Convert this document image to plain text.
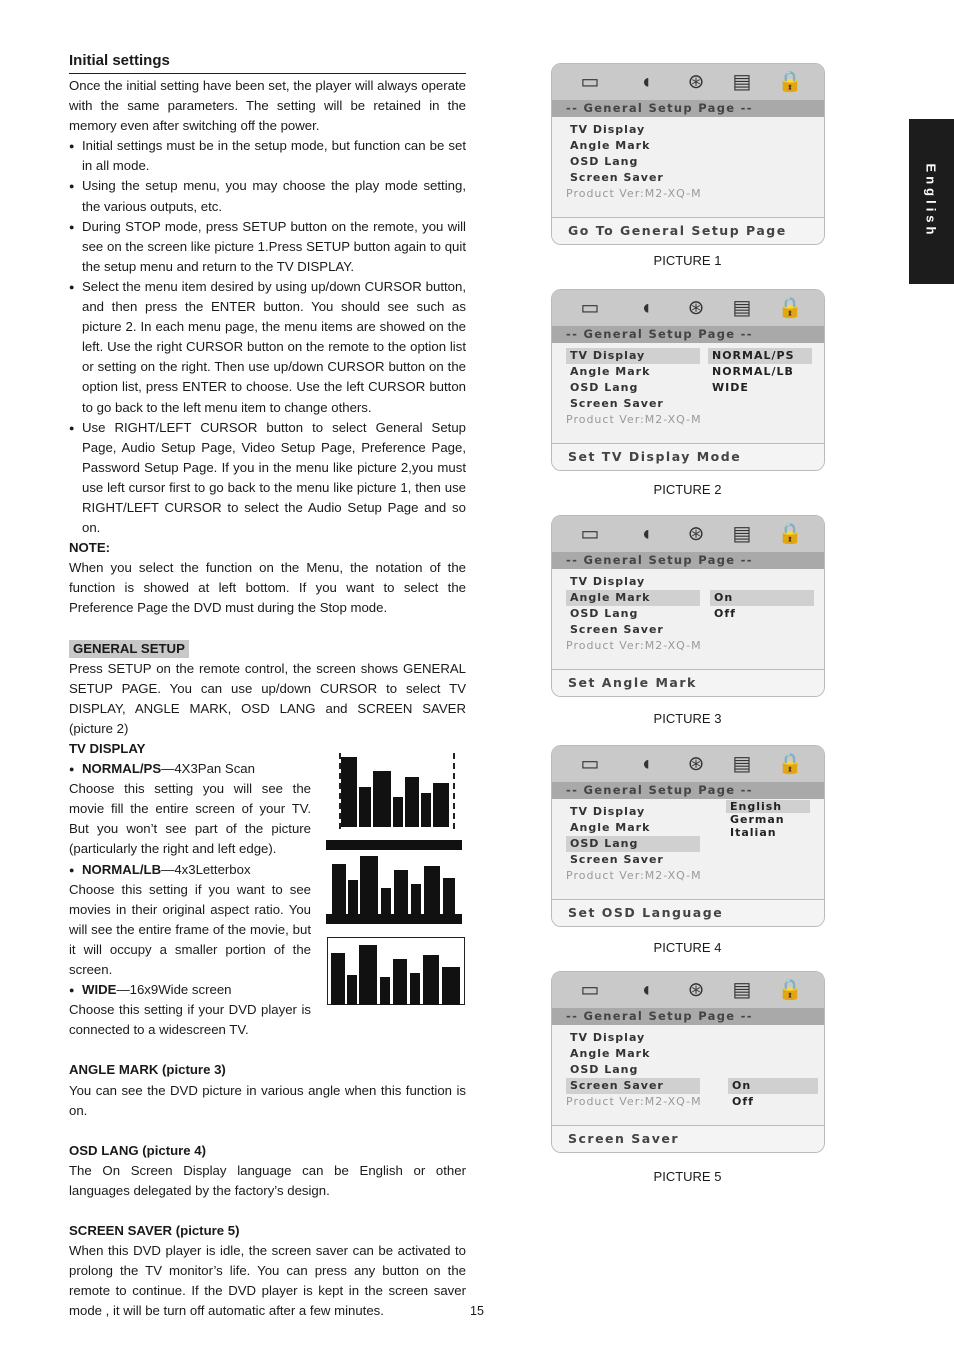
Initial settings

Once the initial setting have been set, the player will always operate with the same parameters. The setting will be retained in the memory even after switching off the power.

● Initial settings must be in the setup mode, but function can be set in all mode.
● Using the setup menu, you may choose the play mode setting, the various outputs, etc.
● During STOP mode, press SETUP button on the remote, you will see on the screen like picture 1.Press SETUP button again to quit the setup menu and return to the TV DISPLAY.
● Select the menu item desired by using up/down CURSOR button, and then press the ENTER button. You should see such as picture 2. In each menu page, the menu items are showed on the left. Use the right CURSOR button on the remote to the option list or setting on the right. Then use up/down CURSOR button on the option list, press ENTER to choose. Use the left CURSOR button to go back to the left menu item to change others.
● Use RIGHT/LEFT CURSOR button to select General Setup Page, Audio Setup Page, Video Setup Page, Preference Page, Password Setup Page. If you in the menu like picture 2,you must use left cursor first to go back to the menu like picture 1, then use RIGHT/LEFT CURSOR to select the Audio Setup Page and so on.

NOTE:

When you select the function on the Menu, the notation of the function is showed at left bottom. If you want to select the Preference Page the DVD must during the Stop mode.

GENERAL SETUP

Press SETUP on the remote control, the screen shows GENERAL SETUP PAGE. You can use up/down CURSOR to select TV DISPLAY, ANGLE MARK, OSD LANG and SCREEN SAVER (picture 2)

TV DISPLAY

● NORMAL/PS—4X3Pan Scan

Choose this setting you will see the movie fill the entire screen of your TV. But you won’t see part of the picture (particularly the right and left edge).

● NORMAL/LB—4x3Letterbox

Choose this setting if you want to see movies in their original aspect ratio. You will see the entire frame of the movie, but it will occupy a smaller portion of the screen.

● WIDE—16x9Wide screen

Choose this setting if your DVD player is connected to a widescreen TV.

ANGLE MARK (picture 3)

You can see the DVD picture in various angle when this function is on.

OSD LANG (picture 4)

The On Screen Display language can be English or other languages delegated by the factory’s design.

SCREEN SAVER (picture 5)

When this DVD player is idle, the screen saver can be activated to prolong the TV monitor’s life. You can press any button on the remote to continue. If the DVD player is kept in the screen saver mode , it will be turn off automatic after a few minutes.

▭	◖	⊛ ▤ 🔒
-- General Setup Page --
TV Display
Angle Mark
OSD Lang
Screen Saver
Product Ver:M2-XQ-M
Go To General Setup Page
PICTURE 1
▭	◖	⊛ ▤ 🔒
-- General Setup Page --
TV Display
Angle Mark
OSD Lang
Screen Saver
Product Ver:M2-XQ-M
NORMAL/PS
NORMAL/LB
WIDE
Set TV Display Mode
PICTURE 2
▭	◖	⊛ ▤ 🔒
-- General Setup Page --
TV Display
Angle Mark
OSD Lang
Screen Saver
Product Ver:M2-XQ-M
On
Off
Set Angle Mark
PICTURE 3
▭	◖	⊛ ▤ 🔒
-- General Setup Page --
TV Display
Angle Mark
OSD Lang
Screen Saver
Product Ver:M2-XQ-M
English
German
Italian
Set OSD Language
PICTURE 4
▭	◖	⊛ ▤ 🔒
-- General Setup Page --
TV Display
Angle Mark
OSD Lang
Screen Saver
Product Ver:M2-XQ-M
On
Off
Screen Saver
PICTURE 5
English
15
